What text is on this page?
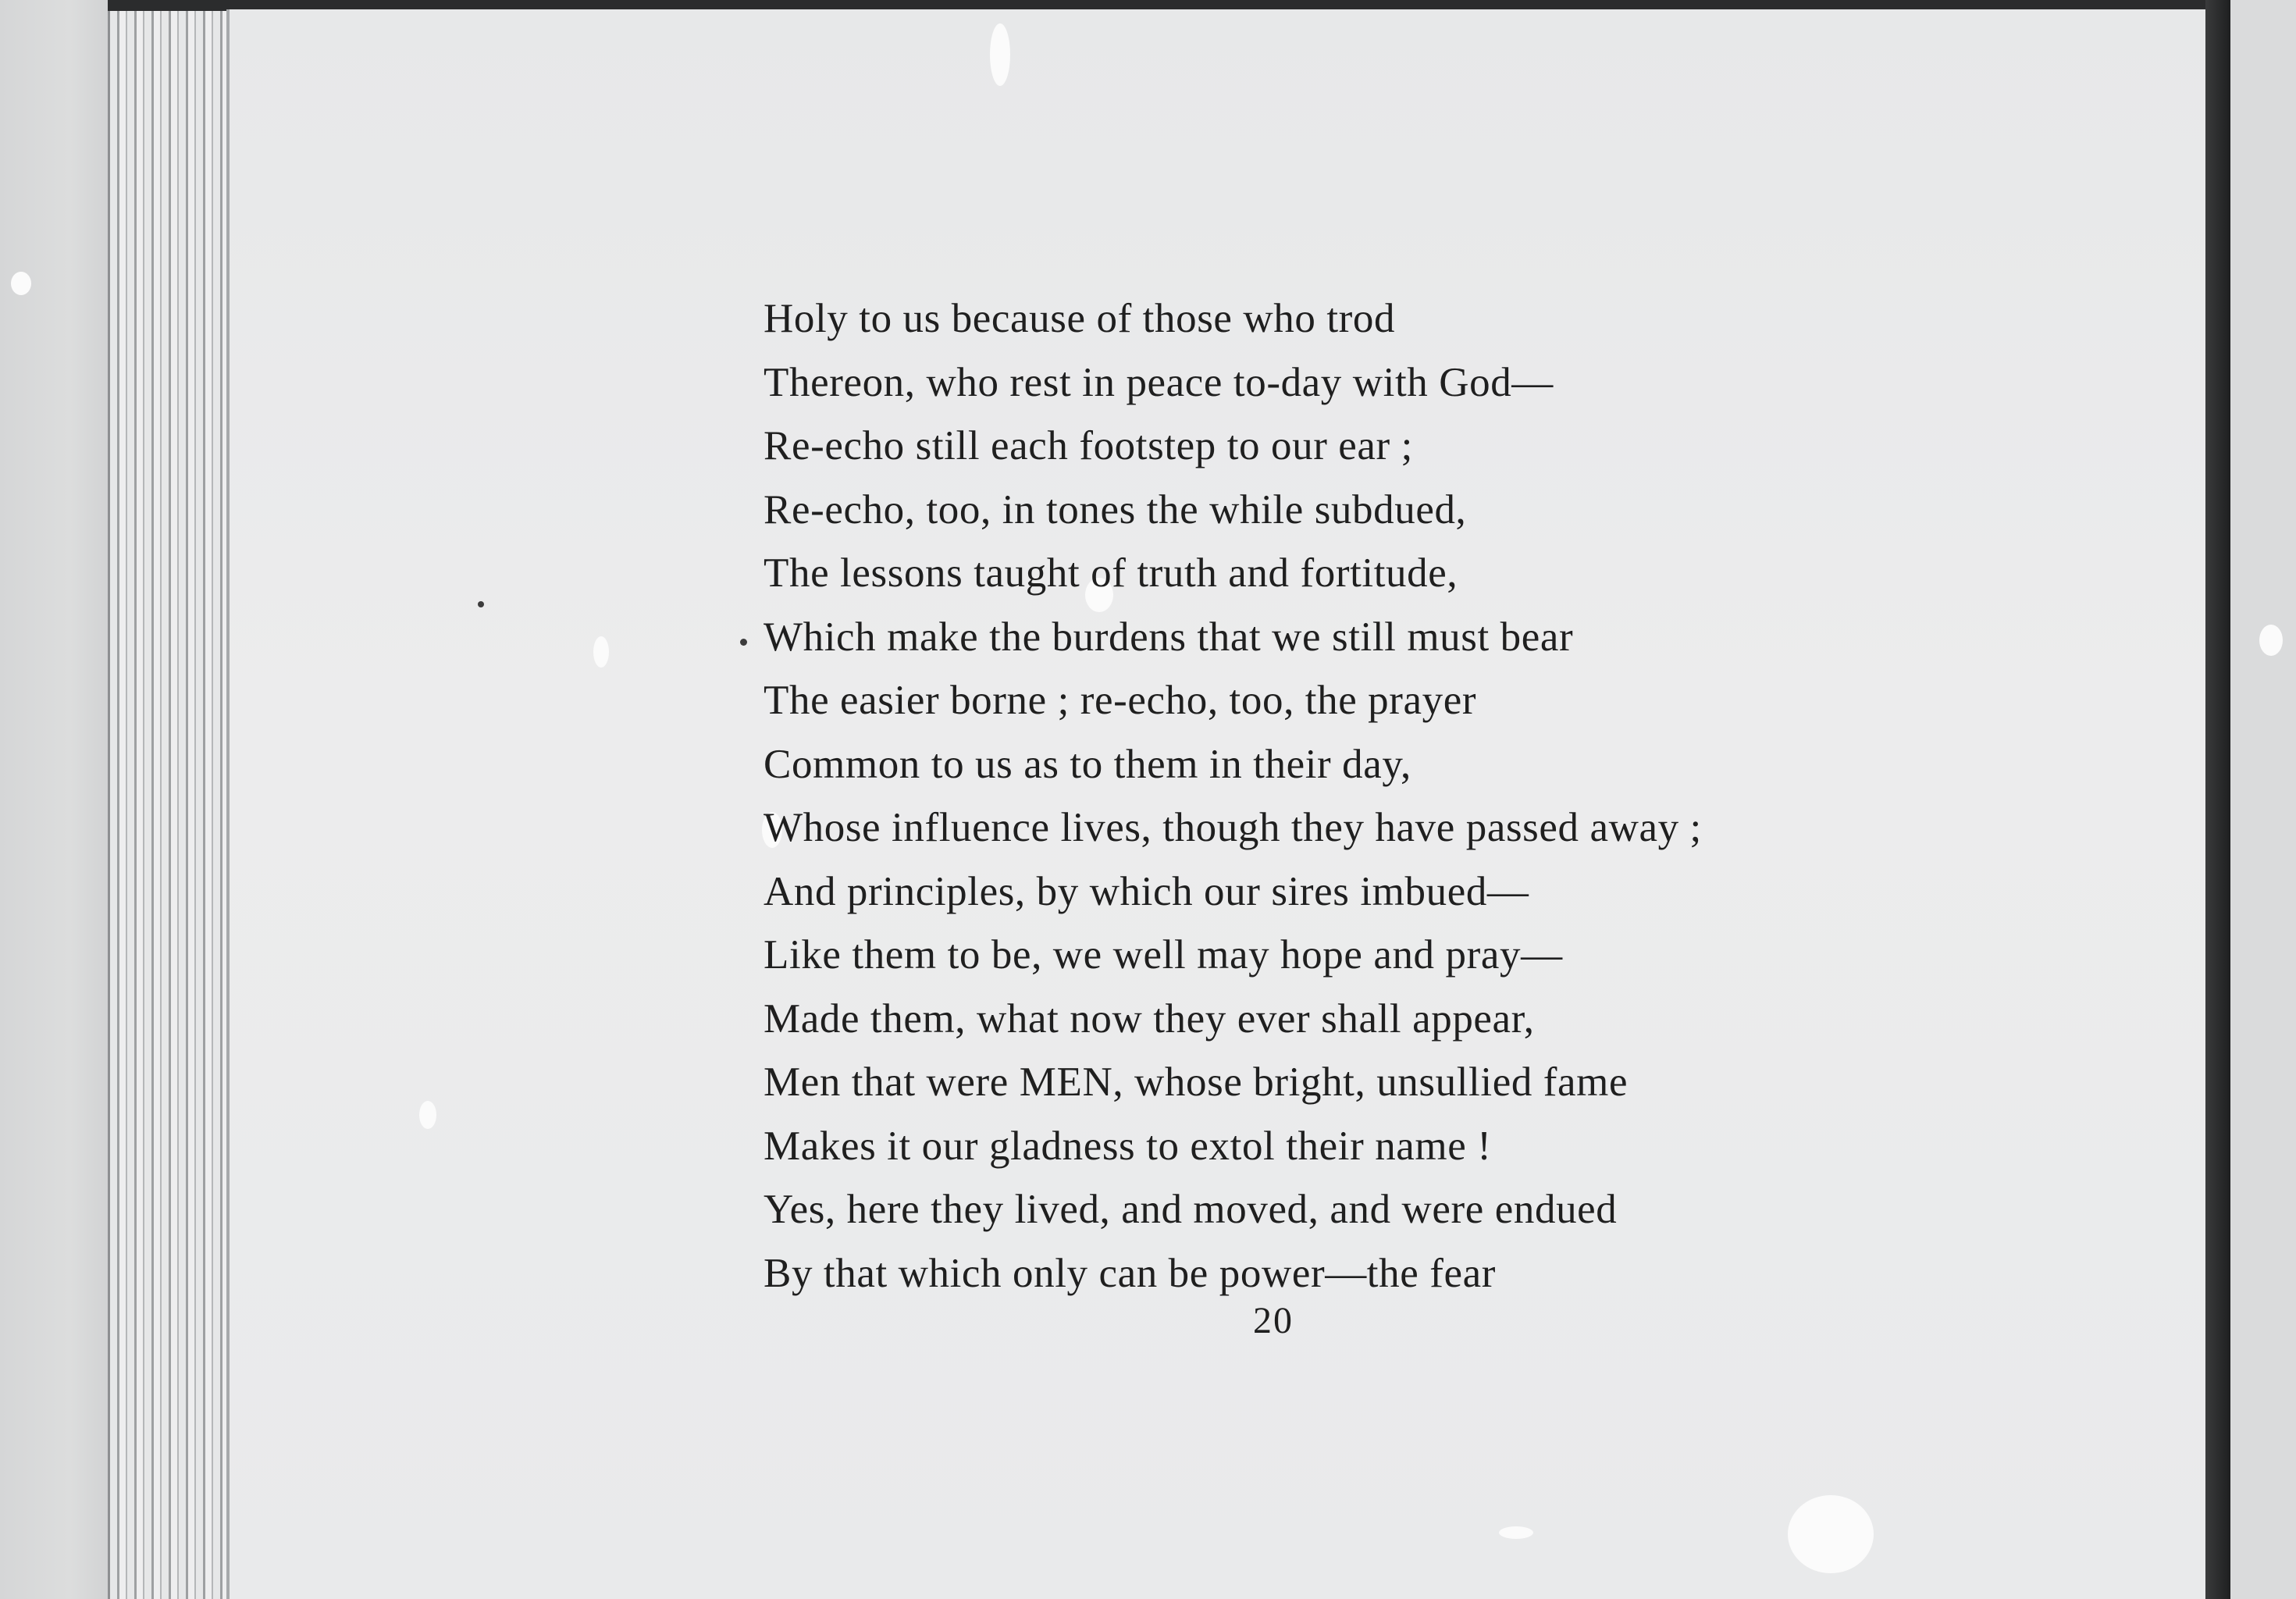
Holy to us because of those who trod
Thereon, who rest in peace to-day with God—
Re-echo still each footstep to our ear ;
Re-echo, too, in tones the while subdued,
The lessons taught of truth and fortitude,
Which make the burdens that we still must bear
The easier borne ; re-echo, too, the prayer
Common to us as to them in their day,
Whose influence lives, though they have passed away ;
And principles, by which our sires imbued—
Like them to be, we well may hope and pray—
Made them, what now they ever shall appear,
Men that were MEN, whose bright, unsullied fame
Makes it our gladness to extol their name !
Yes, here they lived, and moved, and were endued
By that which only can be power—the fear
20
